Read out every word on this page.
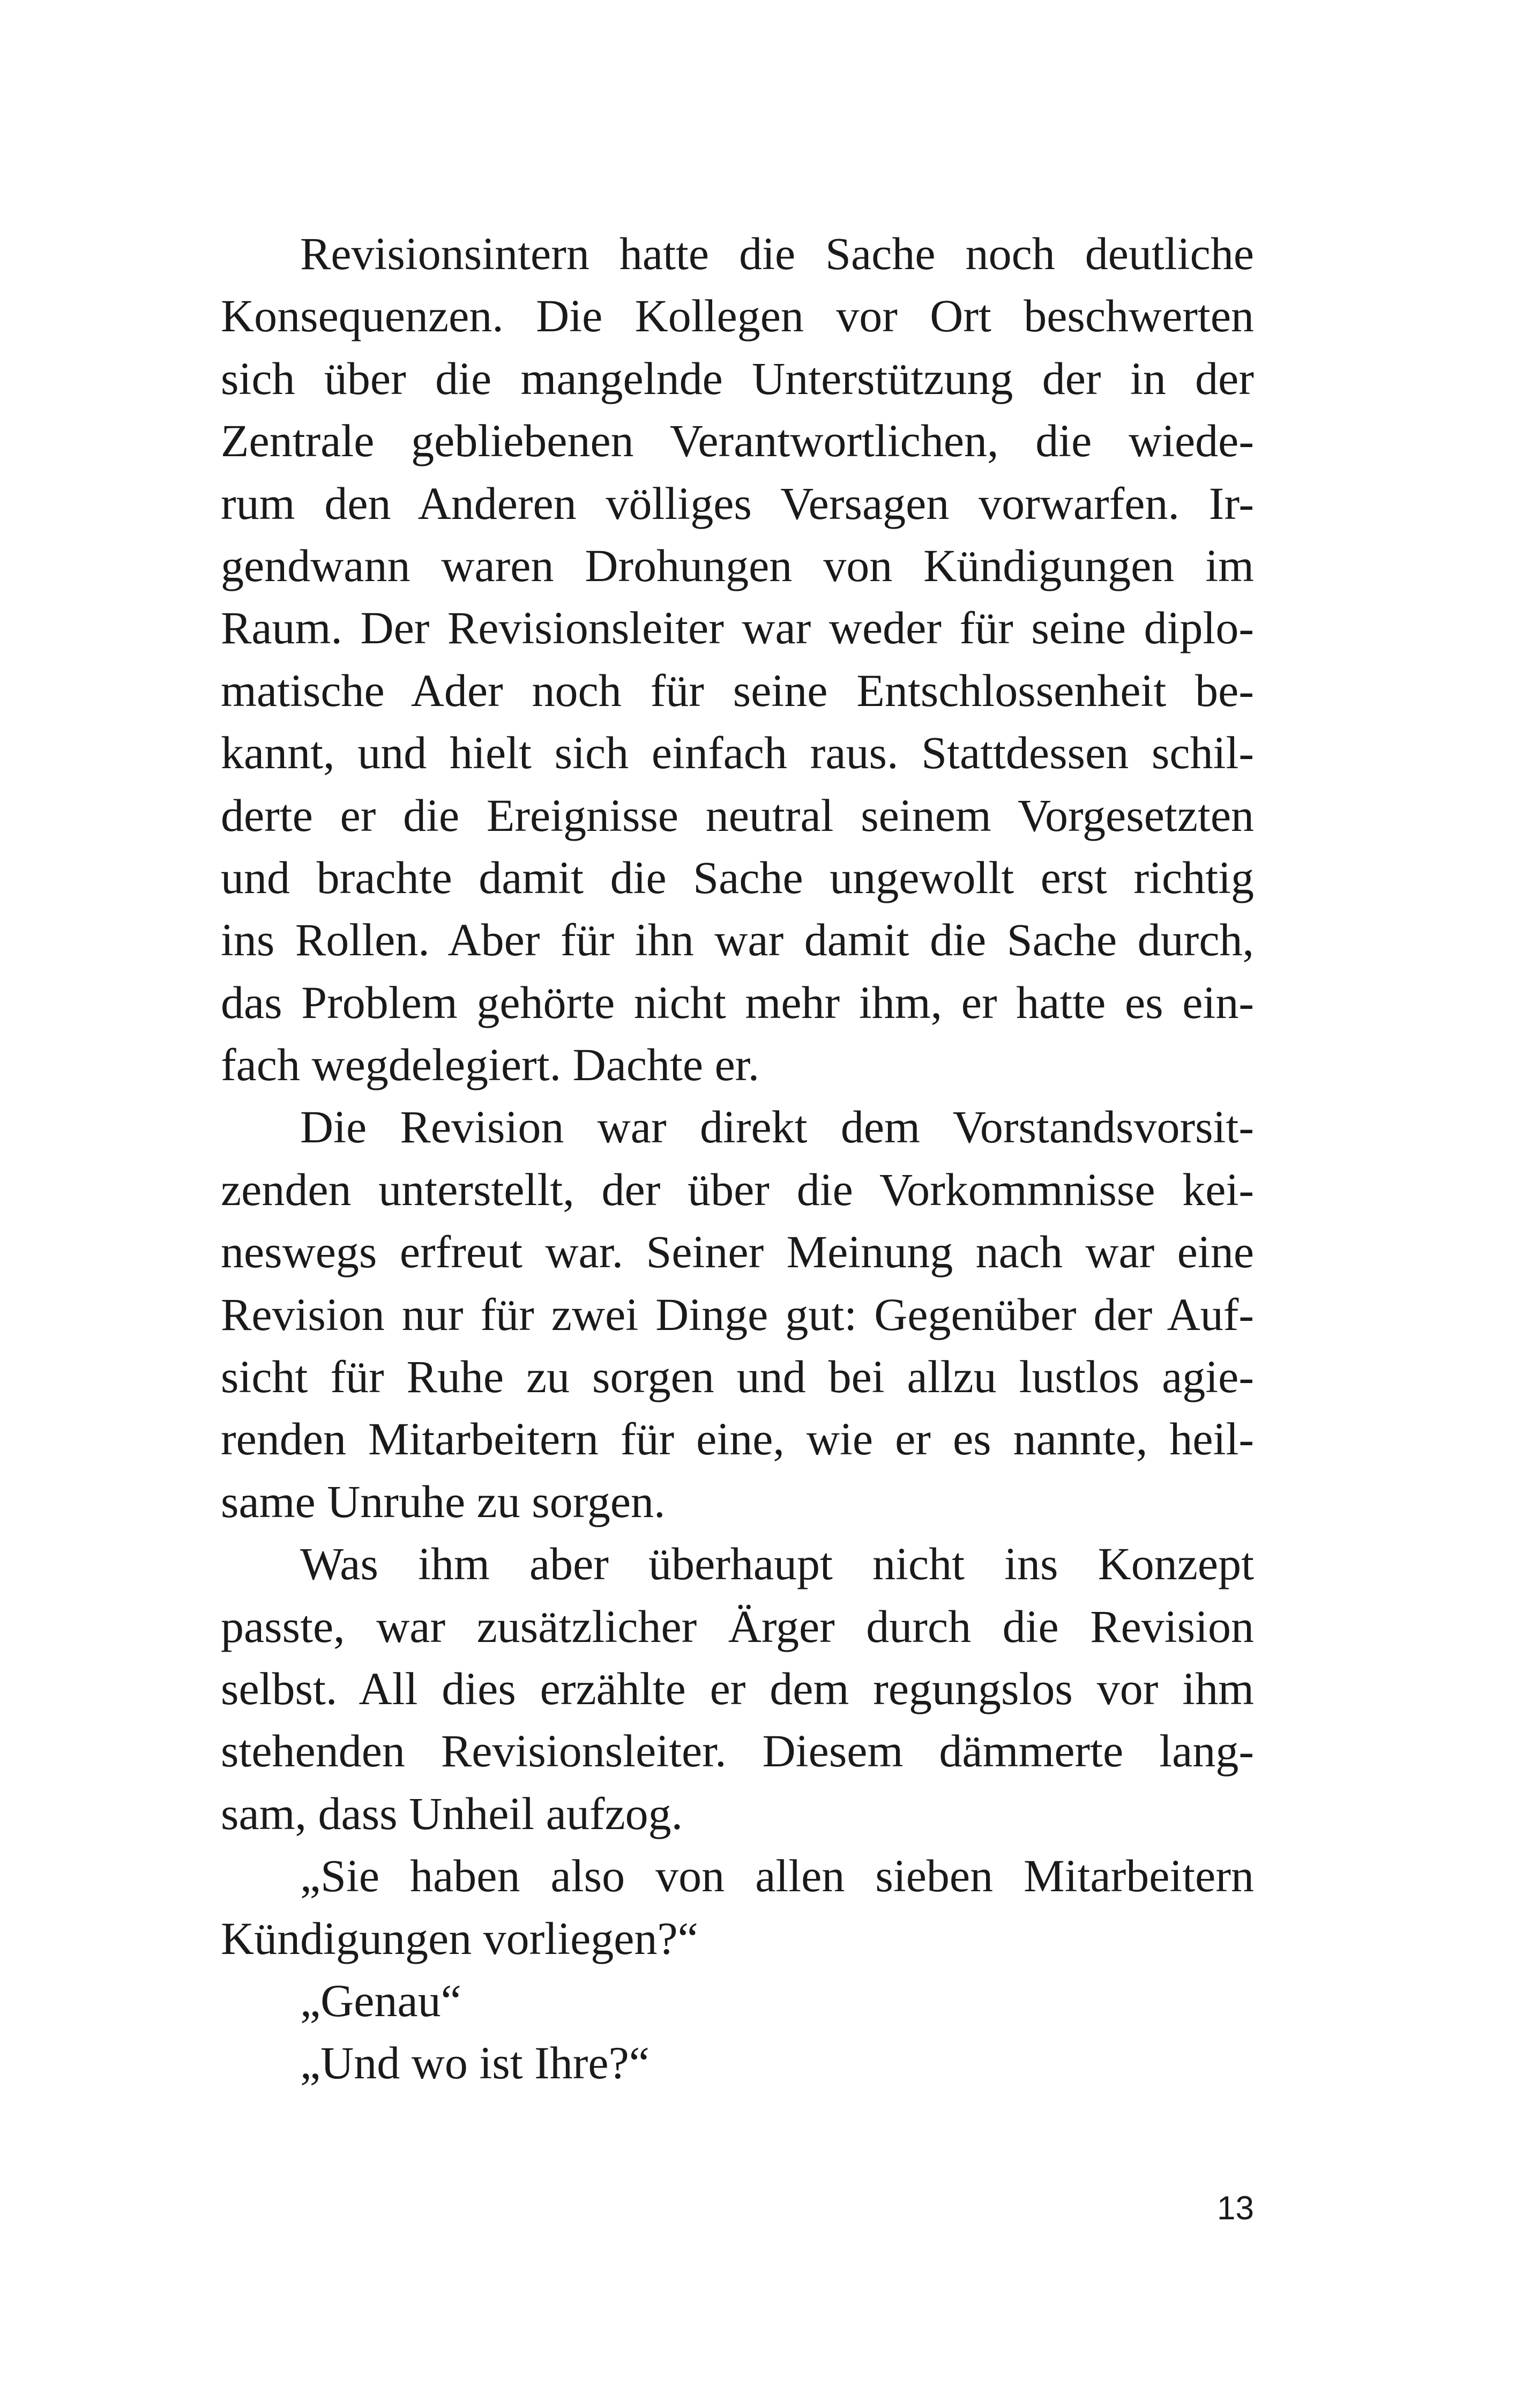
Revisionsintern hatte die Sache noch deutliche
Konsequenzen. Die Kollegen vor Ort beschwerten
sich über die mangelnde Unterstützung der in der
Zentrale gebliebenen Verantwortlichen, die wiede-
rum den Anderen völliges Versagen vorwarfen. Ir-
gendwann waren Drohungen von Kündigungen im
Raum. Der Revisionsleiter war weder für seine diplo-
matische Ader noch für seine Entschlossenheit be-
kannt, und hielt sich einfach raus. Stattdessen schil-
derte er die Ereignisse neutral seinem Vorgesetzten
und brachte damit die Sache ungewollt erst richtig
ins Rollen. Aber für ihn war damit die Sache durch,
das Problem gehörte nicht mehr ihm, er hatte es ein-
fach wegdelegiert. Dachte er.
Die Revision war direkt dem Vorstandsvorsit-
zenden unterstellt, der über die Vorkommnisse kei-
neswegs erfreut war. Seiner Meinung nach war eine
Revision nur für zwei Dinge gut: Gegenüber der Auf-
sicht für Ruhe zu sorgen und bei allzu lustlos agie-
renden Mitarbeitern für eine, wie er es nannte, heil-
same Unruhe zu sorgen.
Was ihm aber überhaupt nicht ins Konzept
passte, war zusätzlicher Ärger durch die Revision
selbst. All dies erzählte er dem regungslos vor ihm
stehenden Revisionsleiter. Diesem dämmerte lang-
sam, dass Unheil aufzog.
„Sie haben also von allen sieben Mitarbeitern
Kündigungen vorliegen?“
„Genau“
„Und wo ist Ihre?“
13
